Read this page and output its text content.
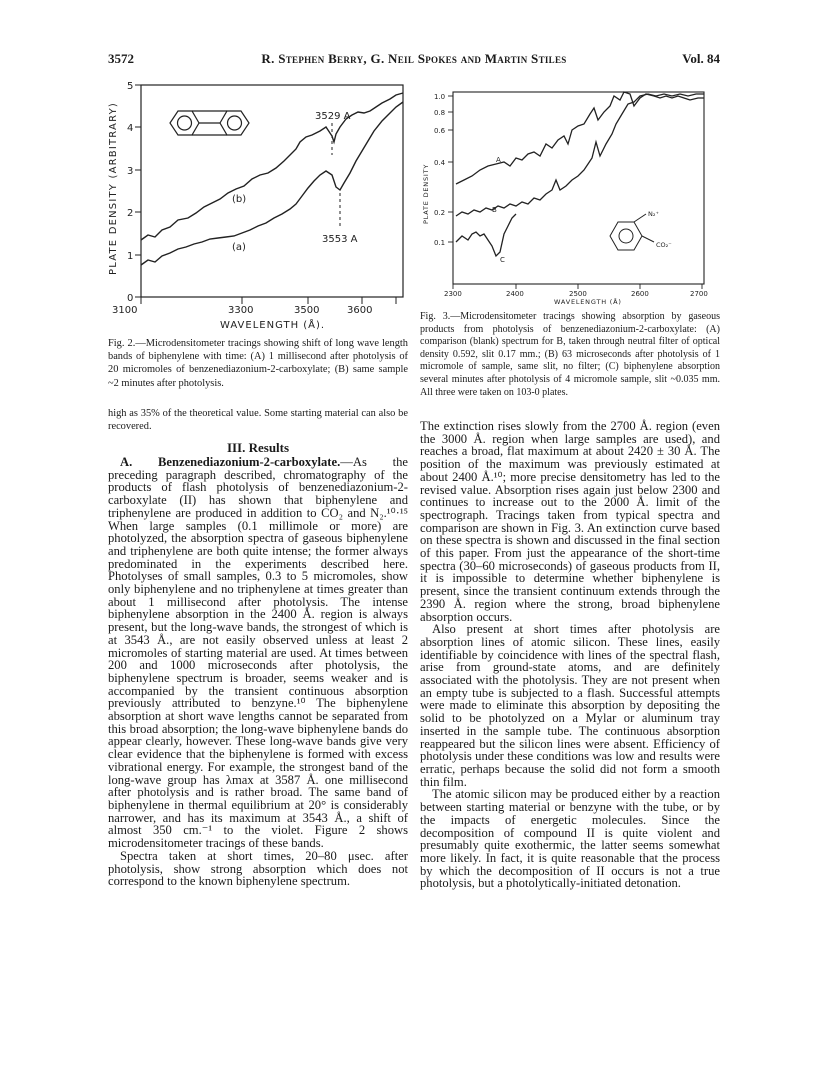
3572	R. Stephen Berry, G. Neil Spokes and Martin Stiles	Vol. 84
0
1
2
3
4
5
3100	3300	3500	3600
WAVELENGTH (Å).
PLATE DENSITY (ARBITRARY)	3529 A
3553 A
(b)
(a)
Fig. 2.—Microdensitometer tracings showing shift of long wave length bands of biphenylene with time: (A) 1 millisecond after photolysis of 20 micromoles of benzenediazonium-2-carboxylate; (B) same sample ~2 minutes after photolysis.
1.0
0.8
0.6
0.4
0.2
0.1
2300	2400	2500	2600	2700
WAVELENGTH (Å)
PLATE DENSITY
A
B
C
N₂⁺
CO₂⁻
Fig. 3.—Microdensitometer tracings showing absorption by gaseous products from photolysis of benzenediazonium-2-carboxylate: (A) comparison (blank) spectrum for B, taken through neutral filter of optical density 0.592, slit 0.17 mm.; (B) 63 microseconds after photolysis of 1 micromole of sample, same slit, no filter; (C) biphenylene absorption several minutes after photolysis of 4 micromole sample, slit ~0.035 mm. All three were taken on 103-0 plates.
high as 35% of the theoretical value. Some starting material can also be recovered.
III. Results

A. Benzenediazonium-2-carboxylate.—As the preceding paragraph described, chromatography of the products of flash photolysis of benzenediazonium-2-carboxylate (II) has shown that biphenylene and triphenylene are produced in addition to CO₂ and N₂.¹⁰·¹⁵ When large samples (0.1 millimole or more) are photolyzed, the absorption spectra of gaseous biphenylene and triphenylene are both quite intense; the former always predominated in the experiments described here. Photolyses of small samples, 0.3 to 5 micromoles, show only biphenylene and no triphenylene at times greater than about 1 millisecond after photolysis. The intense biphenylene absorption in the 2400 Å. region is always present, but the long-wave bands, the strongest of which is at 3543 Å., are not easily observed unless at least 2 micromoles of starting material are used. At times between 200 and 1000 microseconds after photolysis, the biphenylene spectrum is broader, seems weaker and is accompanied by the transient continuous absorption previously attributed to benzyne.¹⁰ The biphenylene absorption at short wave lengths cannot be separated from this broad absorption; the long-wave biphenylene bands do appear clearly, however. These long-wave bands give very clear evidence that the biphenylene is formed with excess vibrational energy. For example, the strongest band of the long-wave group has λmax at 3587 Å. one millisecond after photolysis and is rather broad. The same band of biphenylene in thermal equilibrium at 20° is considerably narrower, and has its maximum at 3543 Å., a shift of almost 350 cm.⁻¹ to the violet. Figure 2 shows microdensitometer tracings of these bands.

Spectra taken at short times, 20–80 μsec. after photolysis, show strong absorption which does not correspond to the known biphenylene spectrum.

The extinction rises slowly from the 2700 Å. region (even the 3000 Å. region when large samples are used), and reaches a broad, flat maximum at about 2420 ± 30 Å. The position of the maximum was previously estimated at about 2400 Å.¹⁰; more precise densitometry has led to the revised value. Absorption rises again just below 2300 and continues to increase out to the 2000 Å. limit of the spectrograph. Tracings taken from typical spectra and comparison are shown in Fig. 3. An extinction curve based on these spectra is shown and discussed in the final section of this paper. From just the appearance of the short-time spectra (30–60 microseconds) of gaseous products from II, it is impossible to determine whether biphenylene is present, since the transient continuum extends through the 2390 Å. region where the strong, broad biphenylene absorption occurs.

Also present at short times after photolysis are absorption lines of atomic silicon. These lines, easily identifiable by coincidence with lines of the spectral flash, arise from ground-state atoms, and are definitely associated with the photolysis. They are not present when an empty tube is subjected to a flash. Successful attempts were made to eliminate this absorption by depositing the solid to be photolyzed on a Mylar or aluminum tray inserted in the sample tube. The continuous absorption reappeared but the silicon lines were absent. Efficiency of photolysis under these conditions was low and results were erratic, perhaps because the solid did not form a smooth thin film.

The atomic silicon may be produced either by a reaction between starting material or benzyne with the tube, or by the impacts of energetic molecules. Since the decomposition of compound II is quite violent and presumably quite exothermic, the latter seems somewhat more likely. In fact, it is quite reasonable that the process by which the decomposition of II occurs is not a true photolysis, but a photolytically-initiated detonation.
